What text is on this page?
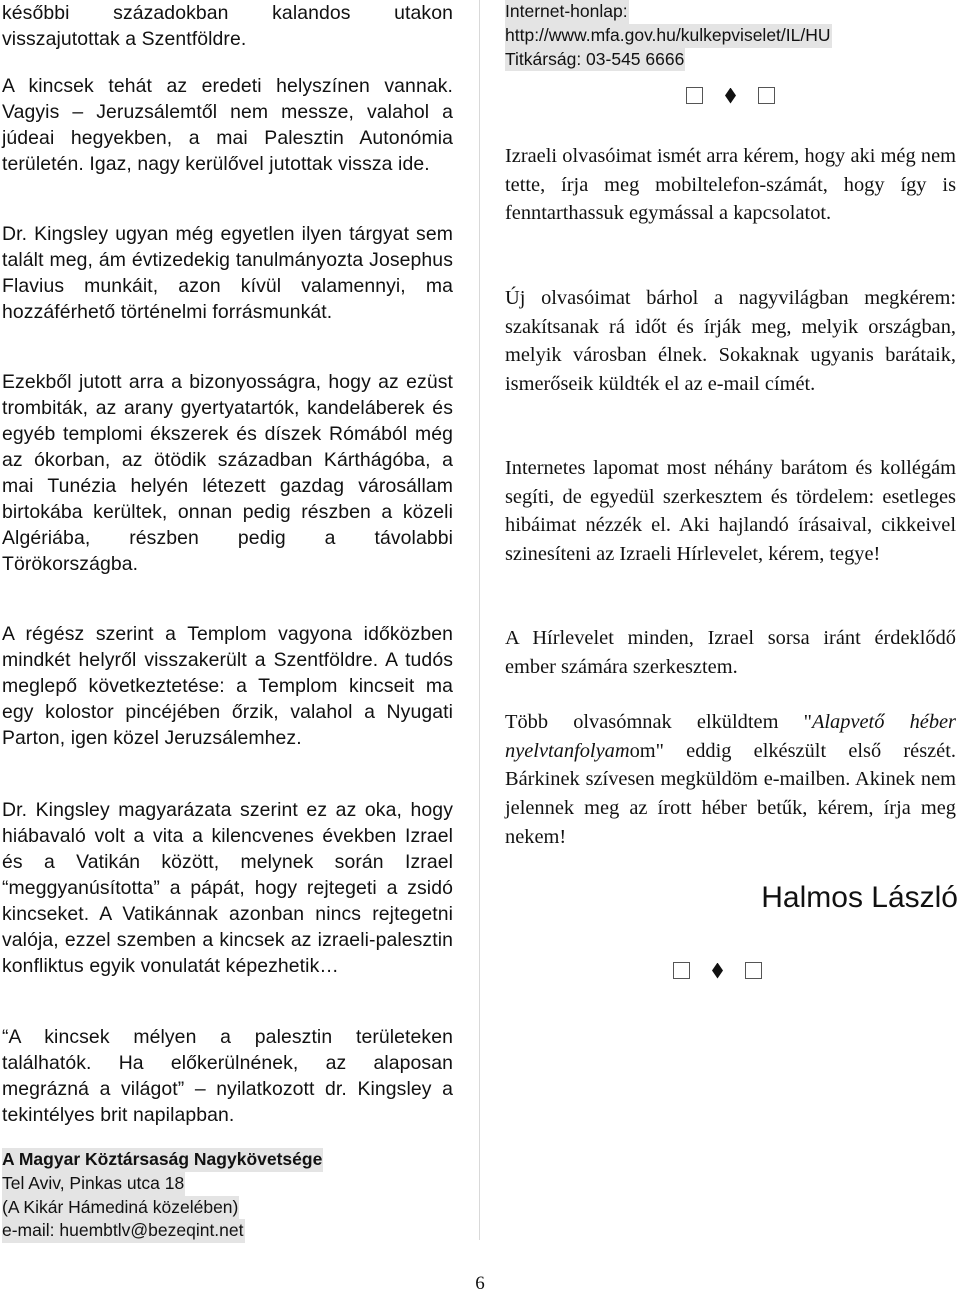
későbbi századokban kalandos utakon visszajutottak a Szentföldre.

A kincsek tehát az eredeti helyszínen vannak. Vagyis – Jeruzsálemtől nem messze, valahol a júdeai hegyekben, a mai Palesztin Autonómia területén. Igaz, nagy kerülővel jutottak vissza ide.

Dr. Kingsley ugyan még egyetlen ilyen tárgyat sem talált meg, ám évtizedekig tanulmányozta Josephus Flavius munkáit, azon kívül valamennyi, ma hozzáférhető történelmi forrásmunkát.

Ezekből jutott arra a bizonyosságra, hogy az ezüst trombiták, az arany gyertyatartók, kandeláberek és egyéb templomi ékszerek és díszek Rómából még az ókorban, az ötödik században Kárthágóba, a mai Tunézia helyén létezett gazdag városállam birtokába kerültek, onnan pedig részben a közeli Algériába, részben pedig a távolabbi Törökországba.

A régész szerint a Templom vagyona időközben mindkét helyről visszakerült a Szentföldre. A tudós meglepő következtetése: a Templom kincseit ma egy kolostor pincéjében őrzik, valahol a Nyugati Parton, igen közel Jeruzsálemhez.

Dr. Kingsley magyarázata szerint ez az oka, hogy hiábavaló volt a vita a kilencvenes években Izrael és a Vatikán között, melynek során Izrael “meggyanúsította” a pápát, hogy rejtegeti a zsidó kincseket. A Vatikánnak azonban nincs rejtegetni valója, ezzel szemben a kincsek az izraeli-palesztin konfliktus egyik vonulatát képezhetik…

“A kincsek mélyen a palesztin területeken találhatók. Ha előkerülnének, az alaposan megrázná a világot” – nyilatkozott dr. Kingsley a tekintélyes brit napilapban.

A Magyar Köztársaság Nagykövetsége
Tel Aviv, Pinkas utca 18
(A Kikár Hámediná közelében)
e-mail: huembtlv@bezeqint.net
Internet-honlap:
http://www.mfa.gov.hu/kulkepviselet/IL/HU
Titkárság: 03-545 6666

Izraeli olvasóimat ismét arra kérem, hogy aki még nem tette, írja meg mobiltelefon-számát, hogy így is fenntarthassuk egymással a kapcsolatot.

Új olvasóimat bárhol a nagyvilágban megkérem: szakítsanak rá időt és írják meg, melyik országban, melyik városban élnek. Sokaknak ugyanis barátaik, ismerőseik küldték el az e-mail címét.

Internetes lapomat most néhány barátom és kollégám segíti, de egyedül szerkesztem és tördelem: esetleges hibáimat nézzék el. Aki hajlandó írásaival, cikkeivel szinesíteni az Izraeli Hírlevelet, kérem, tegye!

A Hírlevelet minden, Izrael sorsa iránt érdeklődő ember számára szerkesztem.

Több olvasómnak elküldtem "Alapvető héber nyelvtanfolyamom" eddig elkészült első részét. Bárkinek szívesen megküldöm e-mailben. Akinek nem jelennek meg az írott héber betűk, kérem, írja meg nekem!

Halmos László
6
